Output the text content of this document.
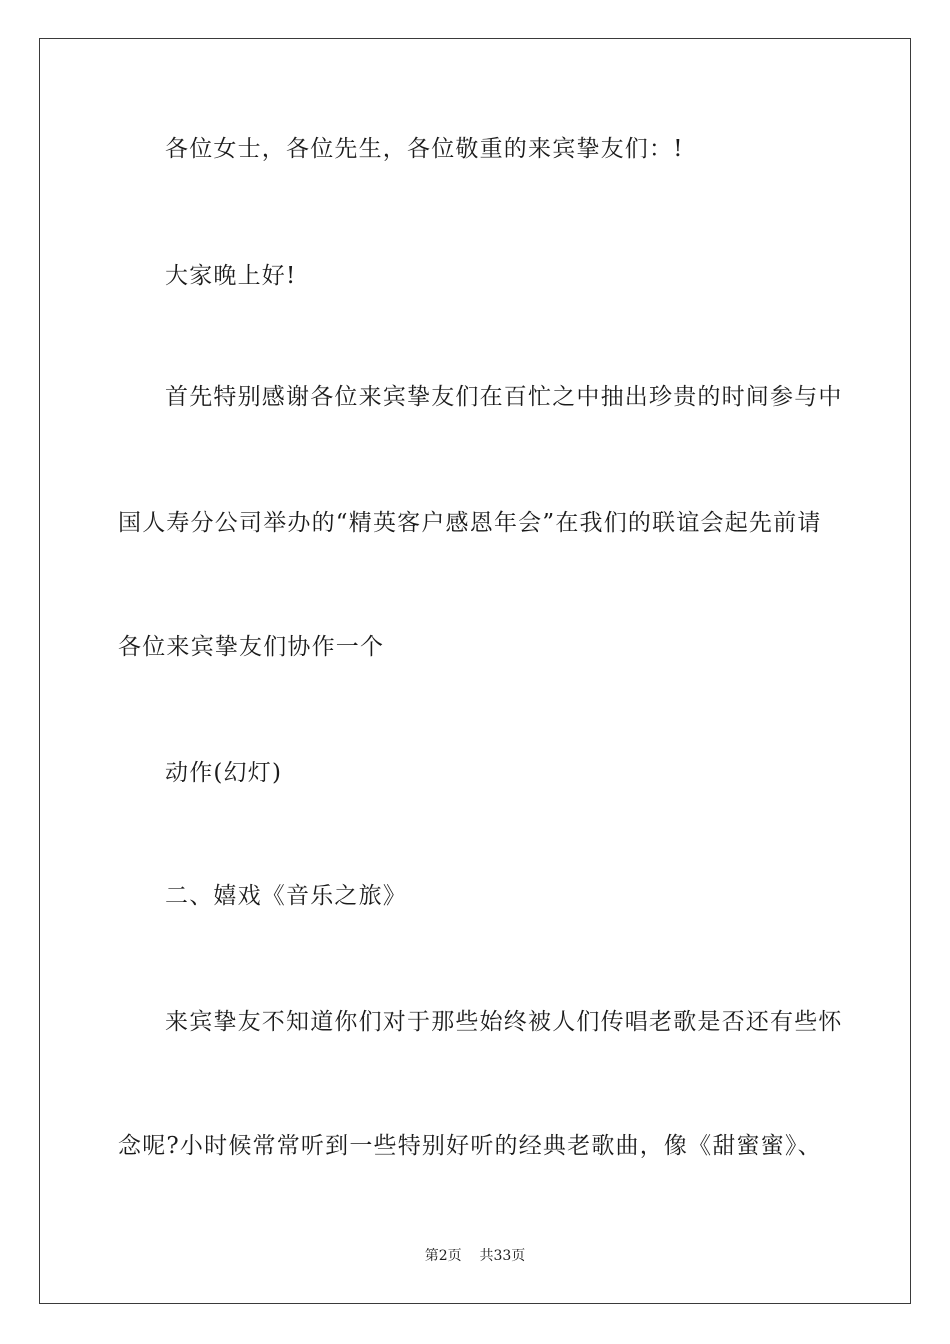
各位女士，各位先生，各位敬重的来宾挚友们：!
大家晚上好!
首先特别感谢各位来宾挚友们在百忙之中抽出珍贵的时间参与中
国人寿分公司举办的“精英客户感恩年会”在我们的联谊会起先前请
各位来宾挚友们协作一个
动作(幻灯)
二、嬉戏《音乐之旅》
来宾挚友不知道你们对于那些始终被人们传唱老歌是否还有些怀
念呢?小时候常常听到一些特别好听的经典老歌曲，像《甜蜜蜜》、
第2页    共33页
